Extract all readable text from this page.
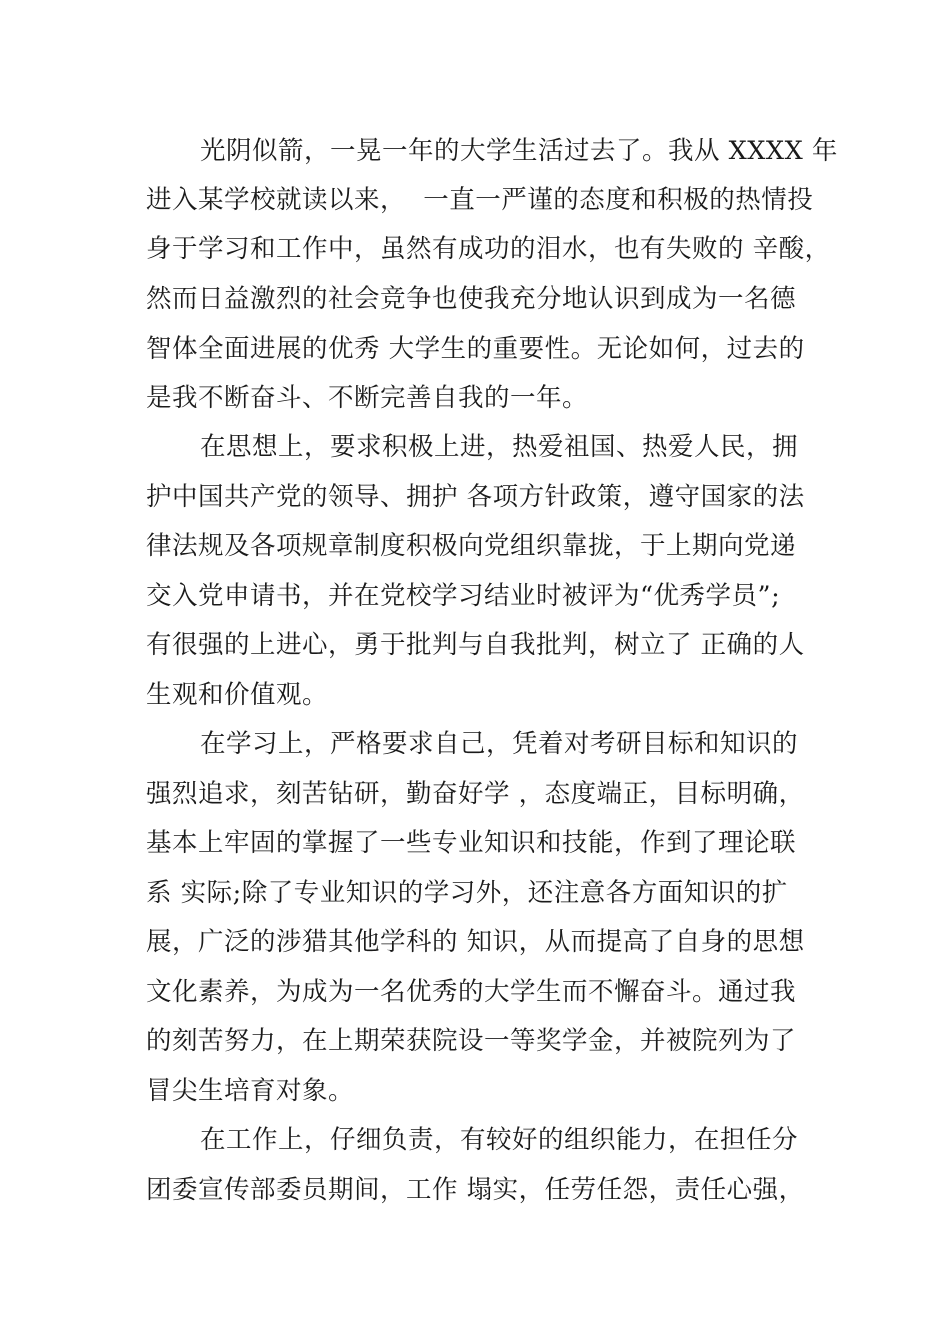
光阴似箭，一晃一年的大学生活过去了。我从 XXXX 年
进入某学校就读以来，  一直一严谨的态度和积极的热情投
身于学习和工作中，虽然有成功的泪水，也有失败的 辛酸，
然而日益激烈的社会竞争也使我充分地认识到成为一名德
智体全面进展的优秀 大学生的重要性。无论如何，过去的
是我不断奋斗、不断完善自我的一年。
在思想上，要求积极上进，热爱祖国、热爱人民，拥
护中国共产党的领导、拥护 各项方针政策，遵守国家的法
律法规及各项规章制度积极向党组织靠拢，于上期向党递
交入党申请书，并在党校学习结业时被评为“优秀学员”;
有很强的上进心，勇于批判与自我批判，树立了 正确的人
生观和价值观。
在学习上，严格要求自己，凭着对考研目标和知识的
强烈追求，刻苦钻研，勤奋好学 ，态度端正，目标明确，
基本上牢固的掌握了一些专业知识和技能，作到了理论联
系 实际;除了专业知识的学习外，还注意各方面知识的扩
展，广泛的涉猎其他学科的 知识，从而提高了自身的思想
文化素养，为成为一名优秀的大学生而不懈奋斗。通过我
的刻苦努力，在上期荣获院设一等奖学金，并被院列为了
冒尖生培育对象。
在工作上，仔细负责，有较好的组织能力，在担任分
团委宣传部委员期间，工作 塌实，任劳任怨，责任心强，
